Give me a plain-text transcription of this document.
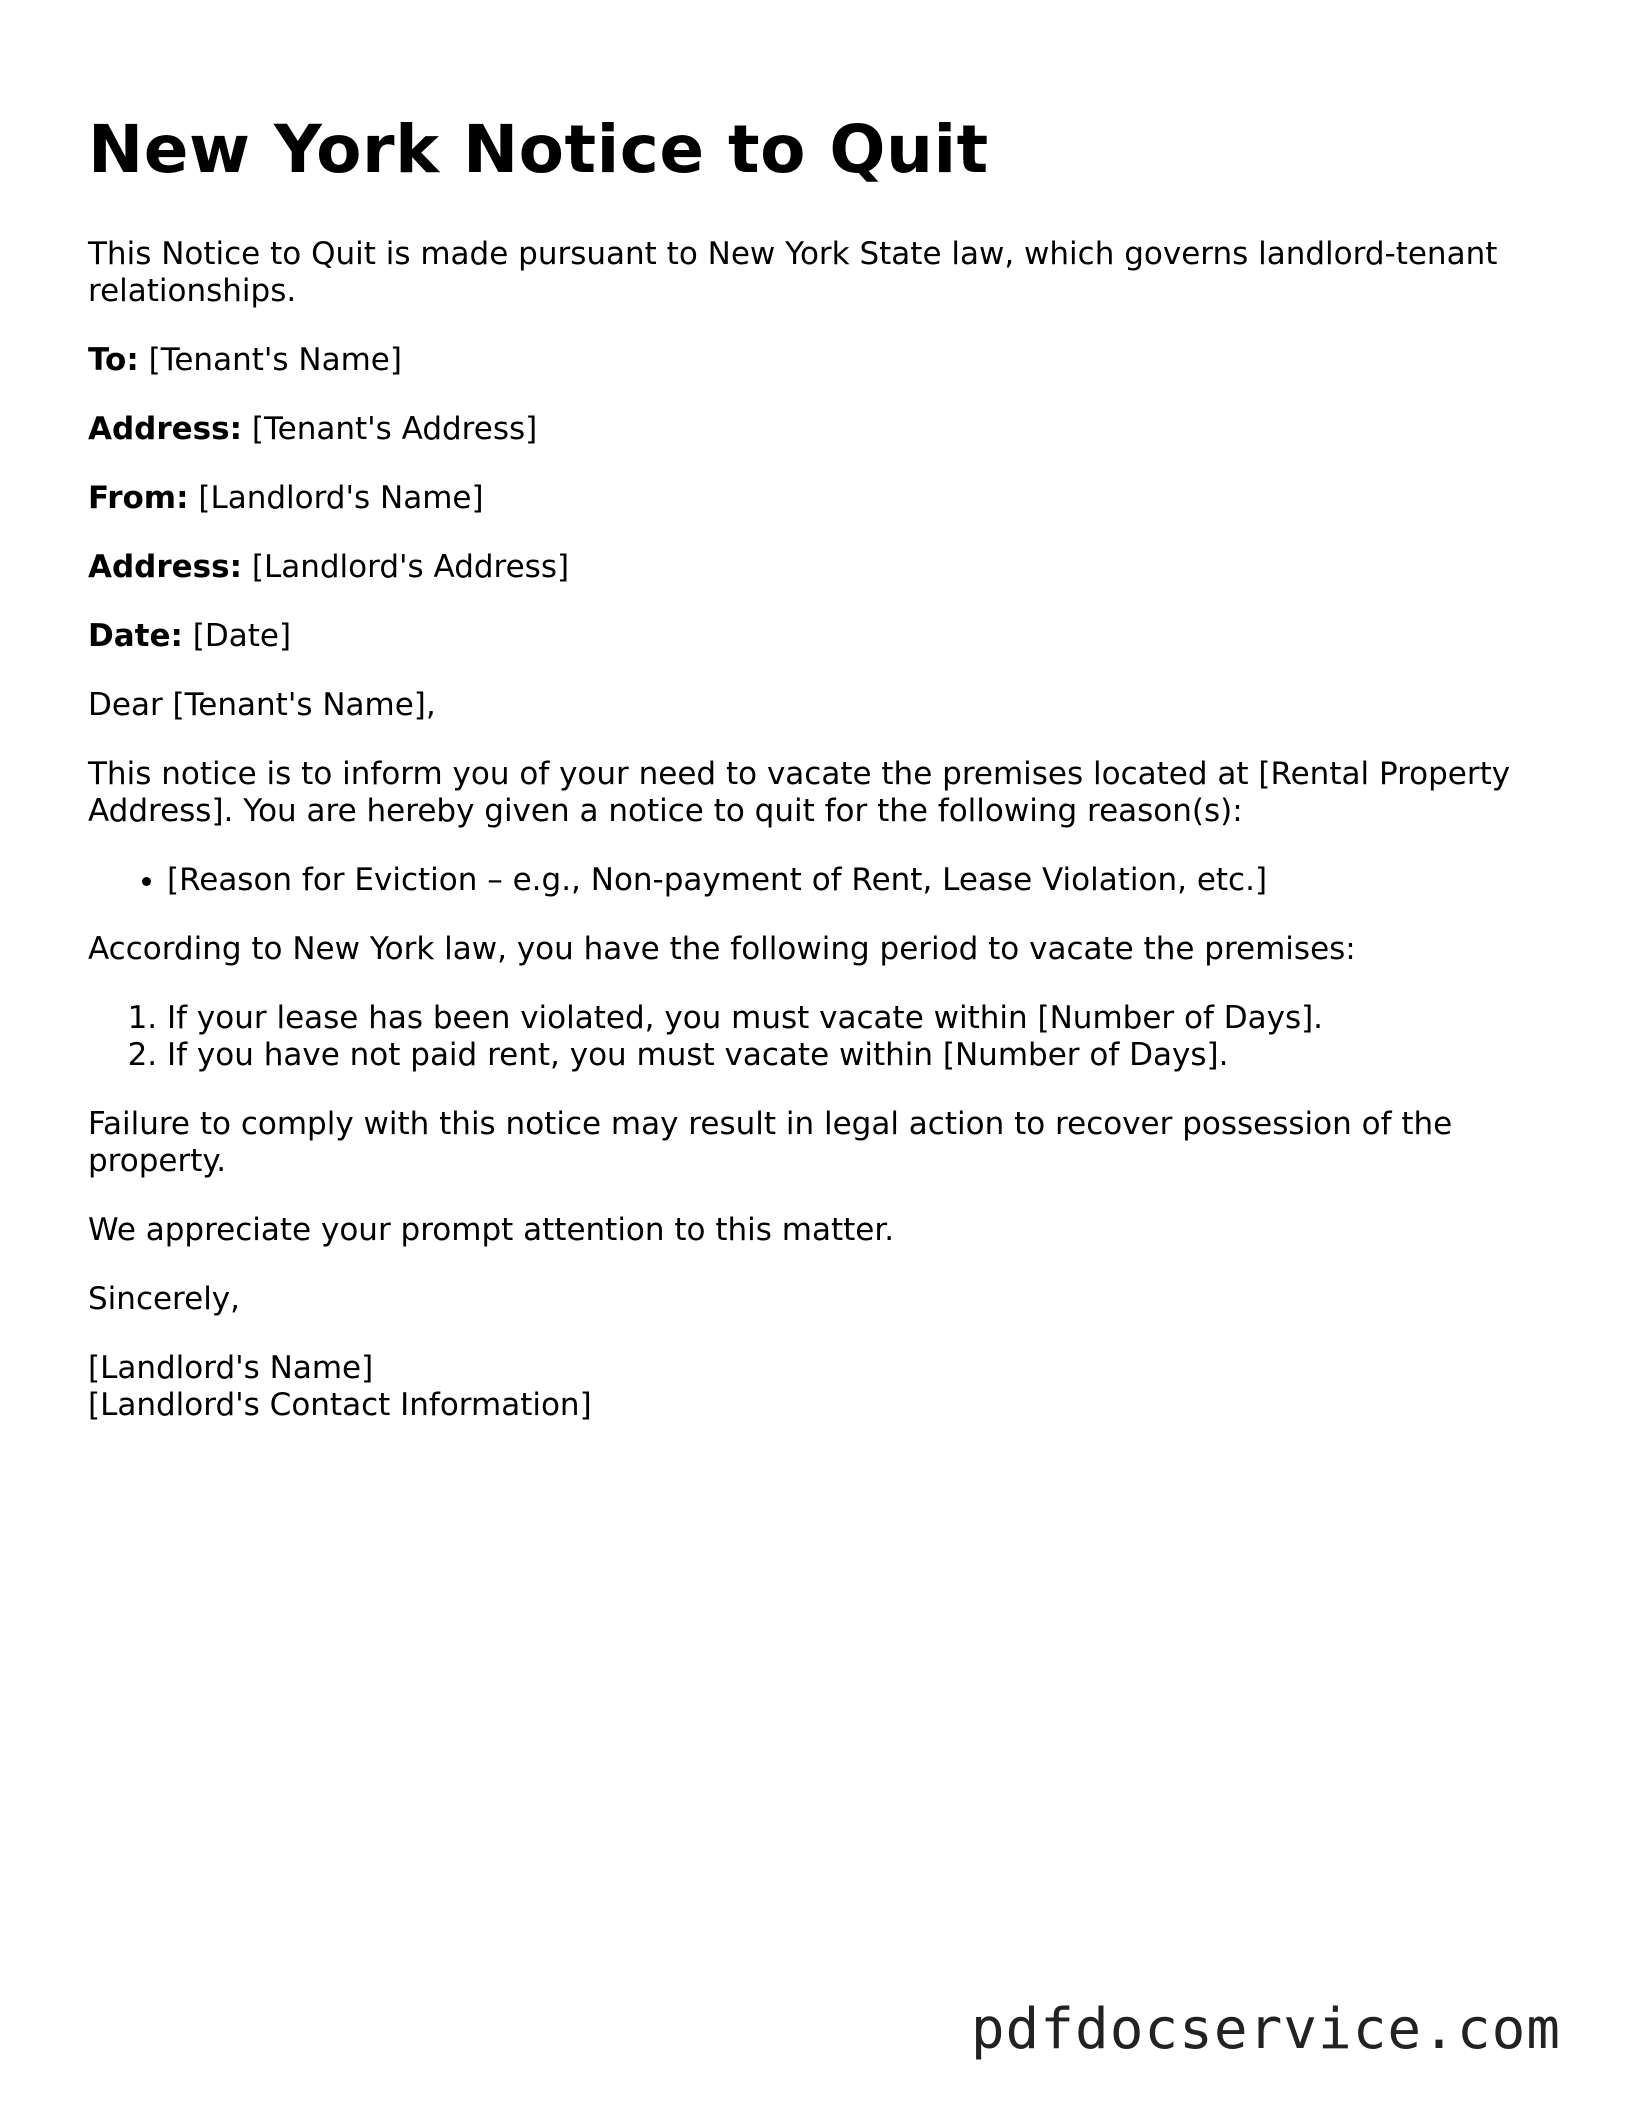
New York Notice to Quit

This Notice to Quit is made pursuant to New York State law, which governs landlord-tenant relationships.

To: [Tenant's Name]

Address: [Tenant's Address]

From: [Landlord's Name]

Address: [Landlord's Address]

Date: [Date]

Dear [Tenant's Name],

This notice is to inform you of your need to vacate the premises located at [Rental Property Address]. You are hereby given a notice to quit for the following reason(s):

• [Reason for Eviction – e.g., Non-payment of Rent, Lease Violation, etc.]

According to New York law, you have the following period to vacate the premises:

1. If your lease has been violated, you must vacate within [Number of Days].
2. If you have not paid rent, you must vacate within [Number of Days].

Failure to comply with this notice may result in legal action to recover possession of the property.

We appreciate your prompt attention to this matter.

Sincerely,

[Landlord's Name]

[Landlord's Contact Information]

pdfdocservice.com
